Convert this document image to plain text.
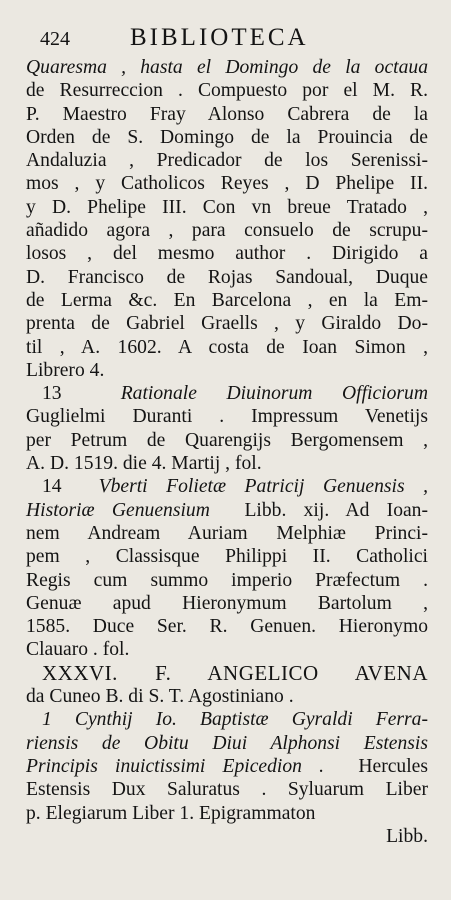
424 BIBLIOTECA
Quaresma , hasta el Domingo de la octaua
de Resurreccion . Compuesto por el M. R.
P. Maestro Fray Alonso Cabrera de la
Orden de S. Domingo de la Prouincia de
Andaluzia , Predicador de los Serenissi-
mos , y Catholicos Reyes , D Phelipe II.
y D. Phelipe III. Con vn breue Tratado ,
añadido agora , para consuelo de scrupu-
losos , del mesmo author . Dirigido a
D. Francisco de Rojas Sandoual, Duque
de Lerma &c. En Barcelona , en la Em-
prenta de Gabriel Graells , y Giraldo Do-
til , A. 1602. A costa de Ioan Simon ,
Librero 4.
13	Rationale Diuinorum Officiorum
Guglielmi Duranti . Impressum Venetijs
per Petrum de Quarengijs Bergomensem ,
A. D. 1519. die 4. Martij , fol.
14 Vberti Folietæ Patricij Genuensis ,
Historiæ Genuensium Libb. xij. Ad Ioan-
nem Andream Auriam Melphiæ Princi-
pem , Classisque Philippi II. Catholici
Regis cum summo imperio Præfectum .
Genuæ apud Hieronymum Bartolum ,
1585. Duce Ser. R. Genuen. Hieronymo
Clauaro . fol.
XXXVI. F. ANGELICO AVENA
da Cuneo B. di S. T. Agostiniano .
1 Cynthij Io. Baptistæ Gyraldi Ferra-
riensis de Obitu Diui Alphonsi Estensis
Principis inuictissimi Epicedion . Hercules
Estensis Dux Saluratus . Syluarum Liber
p. Elegiarum Liber 1. Epigrammaton
Libb.
